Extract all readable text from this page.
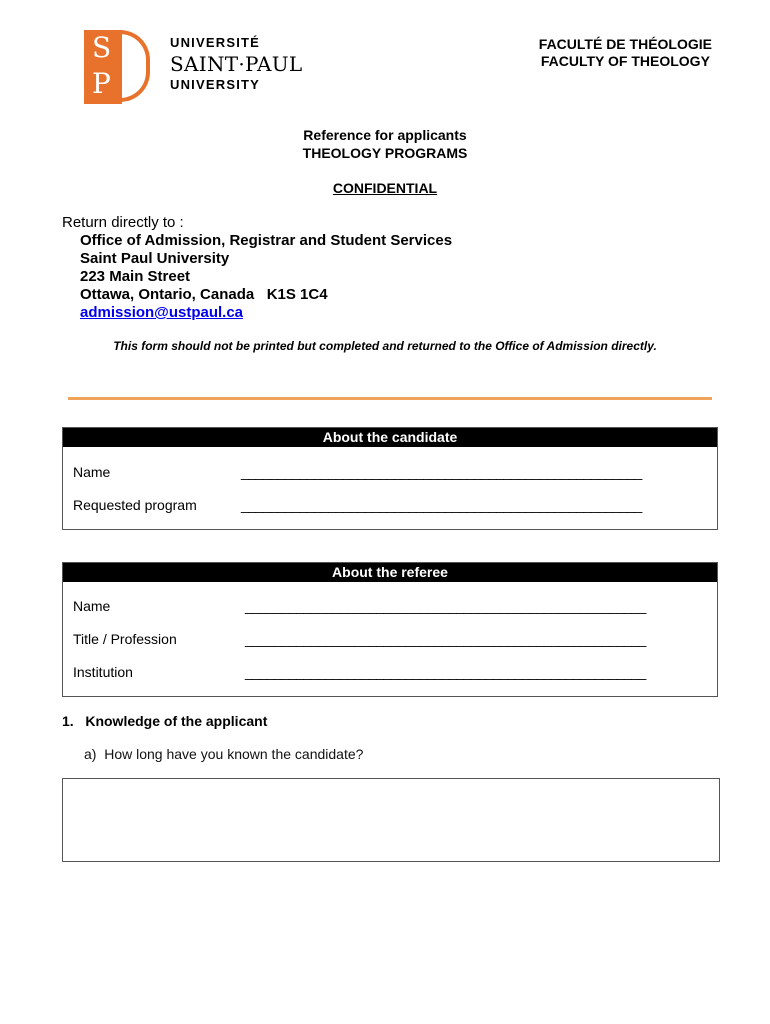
S
P
UNIVERSITÉ
SAINT·PAUL
UNIVERSITY
FACULTÉ DE THÉOLOGIE
FACULTY OF THEOLOGY
Reference for applicants
THEOLOGY PROGRAMS
CONFIDENTIAL
Return directly to :
Office of Admission, Registrar and Student Services
Saint Paul University
223 Main Street
Ottawa, Ontario, Canada   K1S 1C4
admission@ustpaul.ca
This form should not be printed but completed and returned to the Office of Admission directly.
About the candidate
Name	_______________________________________________________
Requested program	_______________________________________________________
About the referee
Name	_______________________________________________________
Title / Profession	_______________________________________________________
Institution	_______________________________________________________
1.   Knowledge of the applicant
a)  How long have you known the candidate?
